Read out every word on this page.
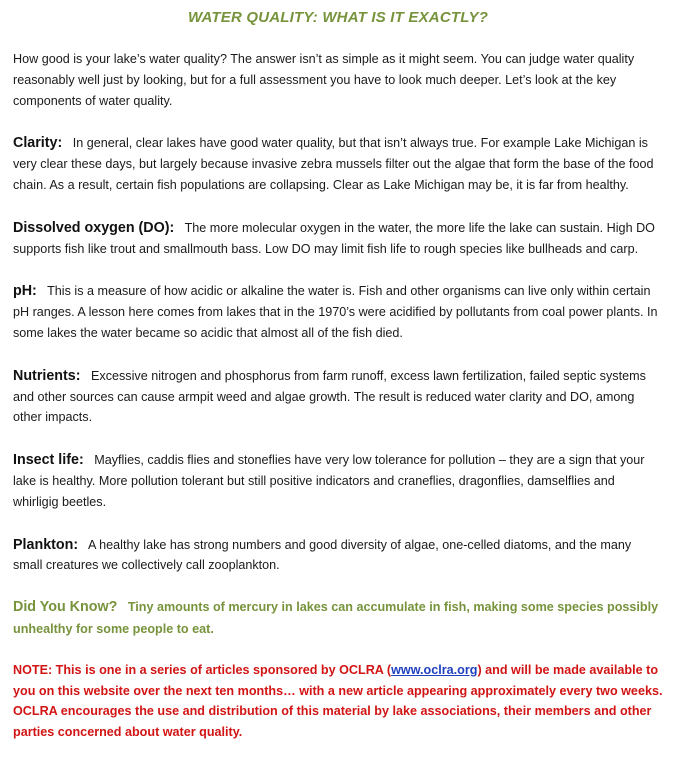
WATER QUALITY: WHAT IS IT EXACTLY?

How good is your lake’s water quality? The answer isn’t as simple as it might seem. You can judge water quality reasonably well just by looking, but for a full assessment you have to look much deeper. Let’s look at the key components of water quality.

Clarity: In general, clear lakes have good water quality, but that isn’t always true. For example Lake Michigan is very clear these days, but largely because invasive zebra mussels filter out the algae that form the base of the food chain. As a result, certain fish populations are collapsing. Clear as Lake Michigan may be, it is far from healthy.

Dissolved oxygen (DO): The more molecular oxygen in the water, the more life the lake can sustain. High DO supports fish like trout and smallmouth bass. Low DO may limit fish life to rough species like bullheads and carp.

pH: This is a measure of how acidic or alkaline the water is. Fish and other organisms can live only within certain pH ranges. A lesson here comes from lakes that in the 1970’s were acidified by pollutants from coal power plants. In some lakes the water became so acidic that almost all of the fish died.

Nutrients: Excessive nitrogen and phosphorus from farm runoff, excess lawn fertilization, failed septic systems and other sources can cause armpit weed and algae growth. The result is reduced water clarity and DO, among other impacts.

Insect life: Mayflies, caddis flies and stoneflies have very low tolerance for pollution – they are a sign that your lake is healthy. More pollution tolerant but still positive indicators and craneflies, dragonflies, damselflies and whirligig beetles.

Plankton: A healthy lake has strong numbers and good diversity of algae, one-celled diatoms, and the many small creatures we collectively call zooplankton.

Did You Know? Tiny amounts of mercury in lakes can accumulate in fish, making some species possibly unhealthy for some people to eat.

NOTE: This is one in a series of articles sponsored by OCLRA (www.oclra.org) and will be made available to you on this website over the next ten months… with a new article appearing approximately every two weeks. OCLRA encourages the use and distribution of this material by lake associations, their members and other parties concerned about water quality.
